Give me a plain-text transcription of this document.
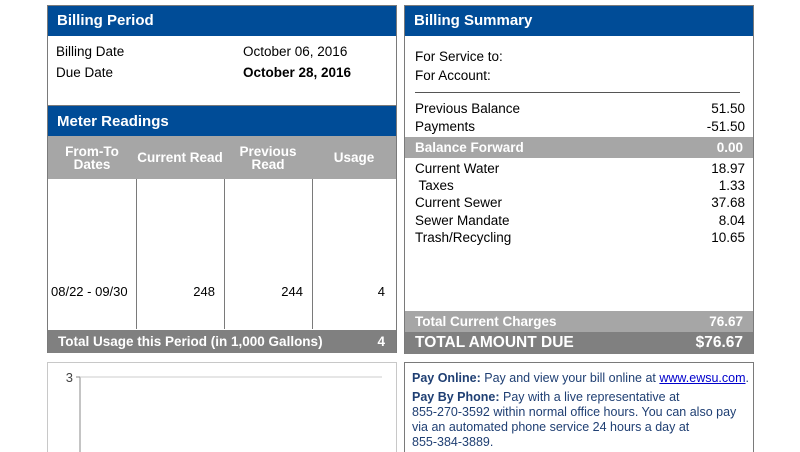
Billing Period
Billing Date	October 06, 2016
Due Date	October 28, 2016
Meter Readings
From-To Dates	Current Read	Previous Read	Usage
08/22 - 09/30	248	244	4
Total Usage this Period (in 1,000 Gallons)	4
Billing Summary
For Service to:
For Account:
Previous Balance	51.50
Payments	-51.50
Balance Forward	0.00
Current Water	18.97
Taxes	1.33
Current Sewer	37.68
Sewer Mandate	8.04
Trash/Recycling	10.65
Total Current Charges	76.67
TOTAL AMOUNT DUE	$76.67
3	Pay Online: Pay and view your bill online at www.ewsu.com.

Pay By Phone: Pay with a live representative at
855-270-3592 within normal office hours. You can also pay
via an automated phone service 24 hours a day at
855-384-3889.
